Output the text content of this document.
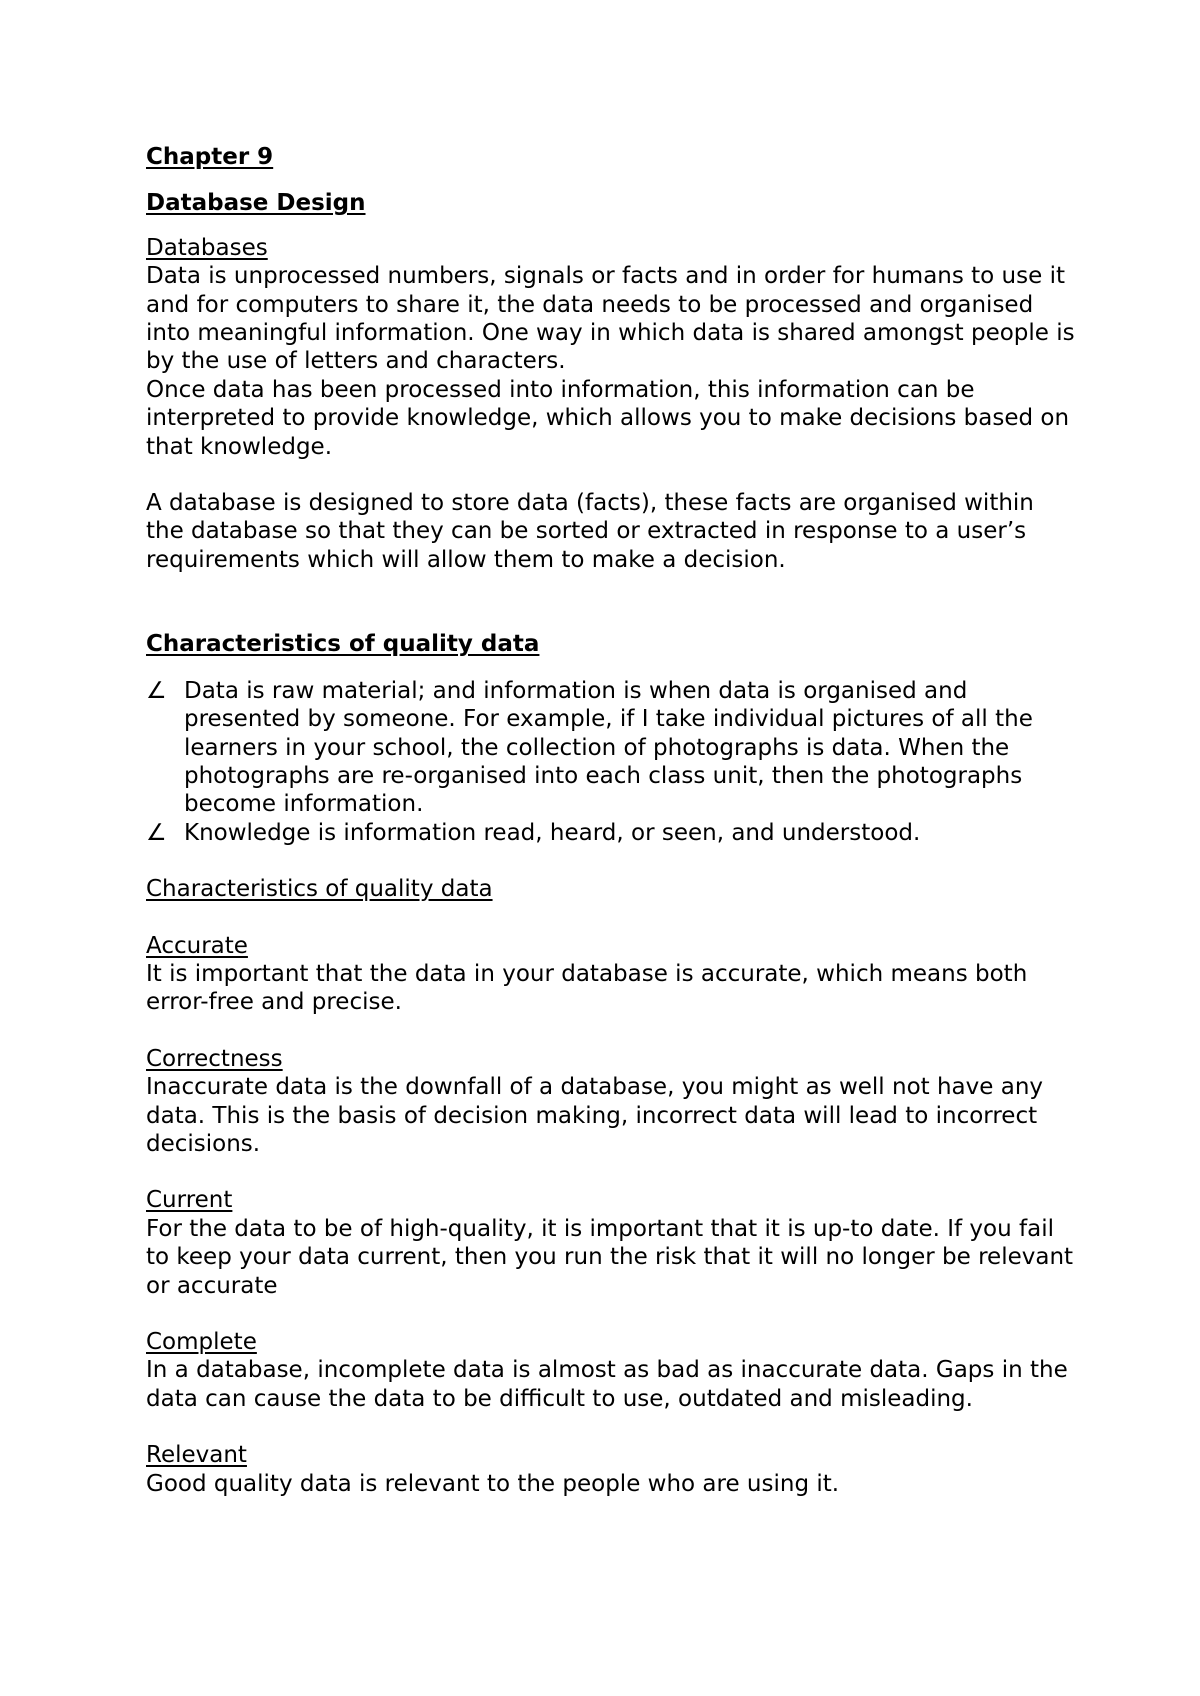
Chapter 9

Database Design

Databases

Data is unprocessed numbers, signals or facts and in order for humans to use it and for computers to share it, the data needs to be processed and organised into meaningful information. One way in which data is shared amongst people is by the use of letters and characters.

Once data has been processed into information, this information can be interpreted to provide knowledge, which allows you to make decisions based on that knowledge.

A database is designed to store data (facts), these facts are organised within the database so that they can be sorted or extracted in response to a user’s requirements which will allow them to make a decision.

Characteristics of quality data

∠ Data is raw material; and information is when data is organised and presented by someone. For example, if I take individual pictures of all the learners in your school, the collection of photographs is data. When the photographs are re-organised into each class unit, then the photographs become information.
∠ Knowledge is information read, heard, or seen, and understood.

Characteristics of quality data

Accurate

It is important that the data in your database is accurate, which means both error-free and precise.

Correctness

Inaccurate data is the downfall of a database, you might as well not have any data. This is the basis of decision making, incorrect data will lead to incorrect decisions.

Current

For the data to be of high-quality, it is important that it is up-to date. If you fail to keep your data current, then you run the risk that it will no longer be relevant or accurate

Complete

In a database, incomplete data is almost as bad as inaccurate data. Gaps in the data can cause the data to be difficult to use, outdated and misleading.

Relevant

Good quality data is relevant to the people who are using it.
